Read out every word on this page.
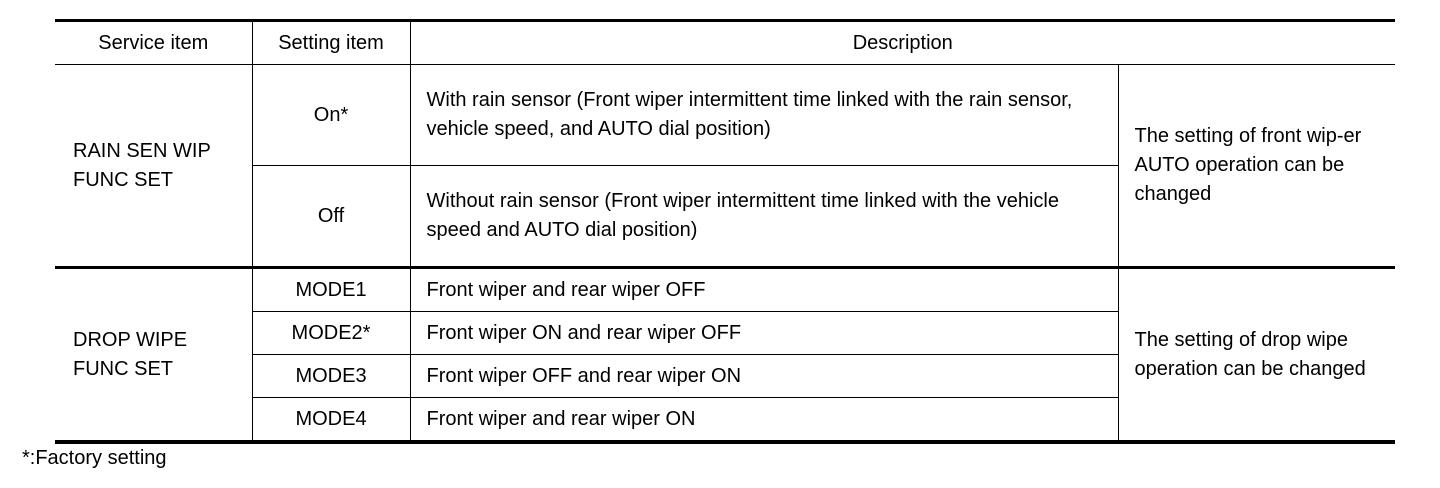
Service item	Setting item	Description	

RAIN SEN WIP FUNC SET	On*	With rain sensor (Front wiper intermittent time linked with the rain sensor, vehicle speed, and AUTO dial position)	The setting of front wip-er AUTO operation can be changed

	Off	Without rain sensor (Front wiper intermittent time linked with the vehicle speed and AUTO dial position)	

DROP WIPE FUNC SET	MODE1	Front wiper and rear wiper OFF	The setting of drop wipe operation can be changed

	MODE2*	Front wiper ON and rear wiper OFF	
	MODE3	Front wiper OFF and rear wiper ON	
	MODE4	Front wiper and rear wiper ON	
*:Factory setting
